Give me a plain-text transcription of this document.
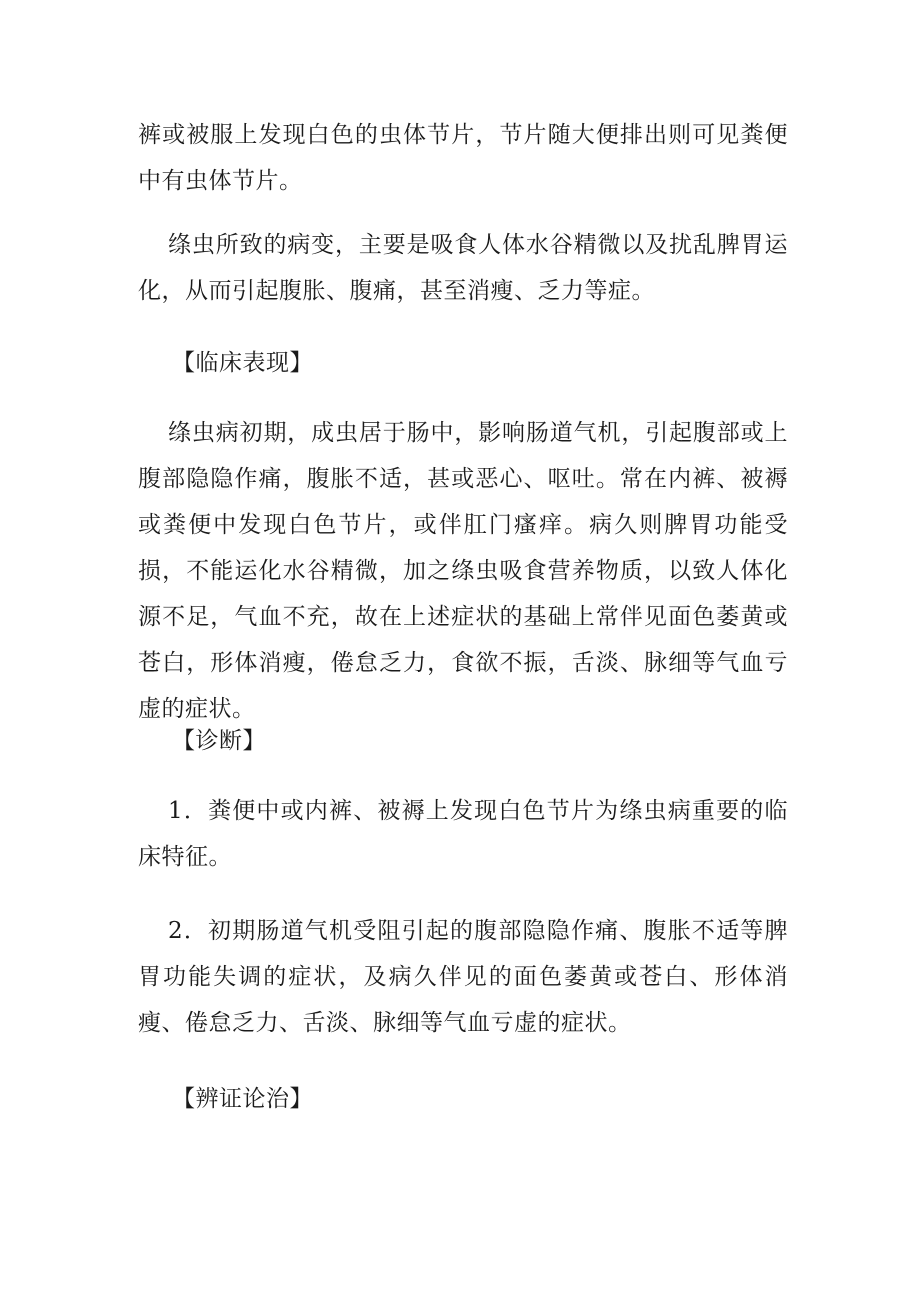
裤或被服上发现白色的虫体节片，节片随大便排出则可见粪便中有虫体节片。

绦虫所致的病变，主要是吸食人体水谷精微以及扰乱脾胃运化，从而引起腹胀、腹痛，甚至消瘦、乏力等症。

【临床表现】

绦虫病初期，成虫居于肠中，影响肠道气机，引起腹部或上腹部隐隐作痛，腹胀不适，甚或恶心、呕吐。常在内裤、被褥或粪便中发现白色节片，或伴肛门瘙痒。病久则脾胃功能受损，不能运化水谷精微，加之绦虫吸食营养物质，以致人体化源不足，气血不充，故在上述症状的基础上常伴见面色萎黄或苍白，形体消瘦，倦怠乏力，食欲不振，舌淡、脉细等气血亏虚的症状。

【诊断】

1．粪便中或内裤、被褥上发现白色节片为绦虫病重要的临床特征。

2．初期肠道气机受阻引起的腹部隐隐作痛、腹胀不适等脾胃功能失调的症状，及病久伴见的面色萎黄或苍白、形体消瘦、倦怠乏力、舌淡、脉细等气血亏虚的症状。

【辨证论治】
